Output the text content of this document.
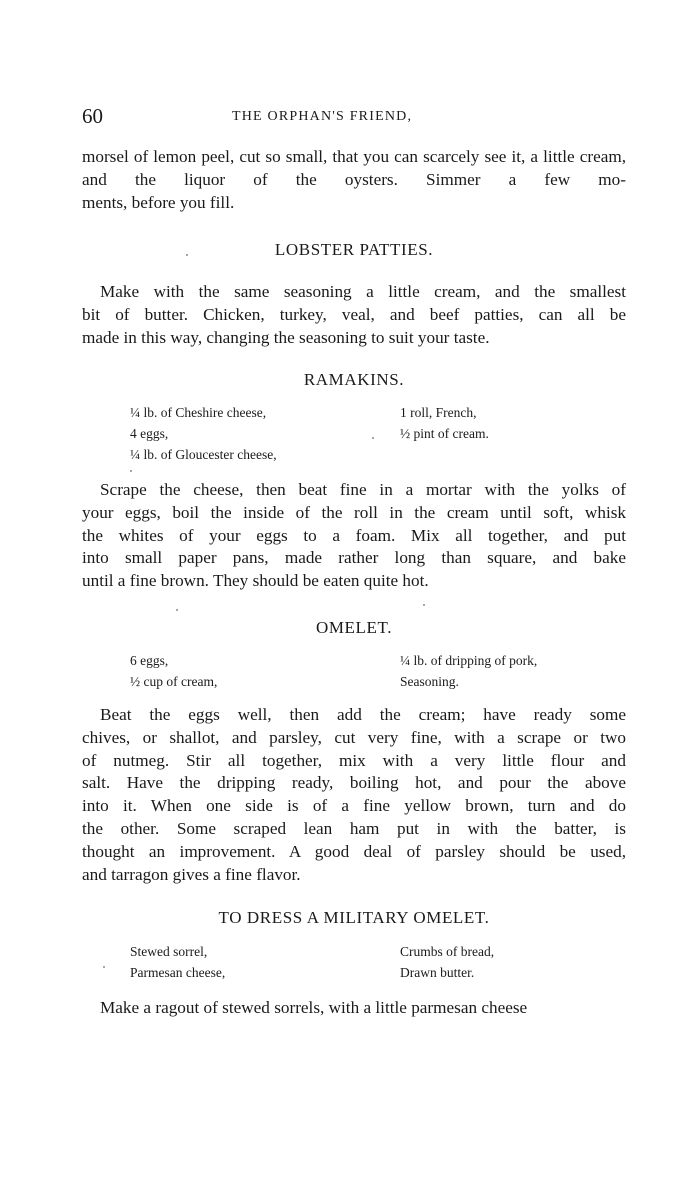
60	THE ORPHAN'S FRIEND,
morsel of lemon peel, cut so small, that you can scarcely see it, a little cream, and the liquor of the oysters. Simmer a few mo-
ments, before you fill.
LOBSTER PATTIES.
Make with the same seasoning a little cream, and the smallest
bit of butter. Chicken, turkey, veal, and beef patties, can all be
made in this way, changing the seasoning to suit your taste.
RAMAKINS.
¼ lb. of Cheshire cheese,
4 eggs,
¼ lb. of Gloucester cheese,
1 roll, French,
½ pint of cream.
Scrape the cheese, then beat fine in a mortar with the yolks of
your eggs, boil the inside of the roll in the cream until soft, whisk
the whites of your eggs to a foam. Mix all together, and put
into small paper pans, made rather long than square, and bake
until a fine brown. They should be eaten quite hot.
OMELET.
6 eggs,
½ cup of cream,
¼ lb. of dripping of pork,
Seasoning.
Beat the eggs well, then add the cream; have ready some
chives, or shallot, and parsley, cut very fine, with a scrape or two
of nutmeg. Stir all together, mix with a very little flour and
salt. Have the dripping ready, boiling hot, and pour the above
into it. When one side is of a fine yellow brown, turn and do
the other. Some scraped lean ham put in with the batter, is
thought an improvement. A good deal of parsley should be used,
and tarragon gives a fine flavor.
TO DRESS A MILITARY OMELET.
Stewed sorrel,
Parmesan cheese,
Crumbs of bread,
Drawn butter.
Make a ragout of stewed sorrels, with a little parmesan cheese
